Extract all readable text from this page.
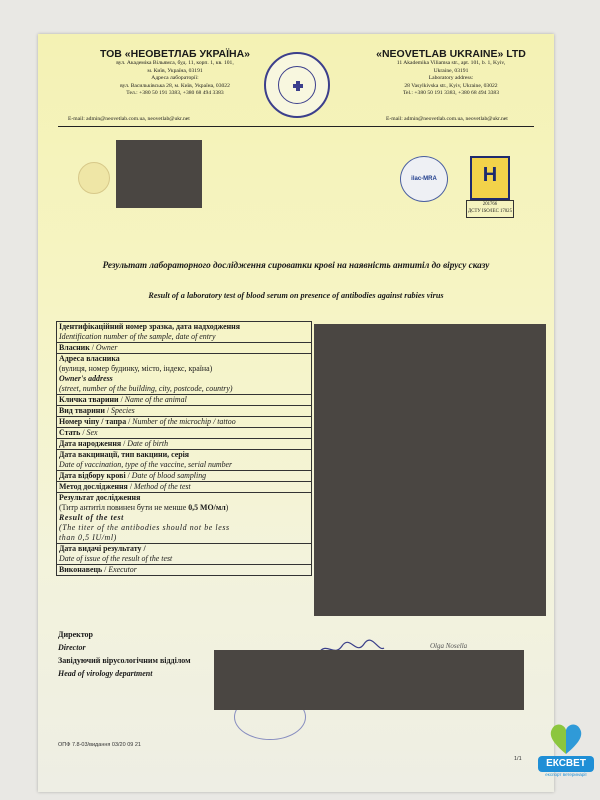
ТОВ «НЕОВЕТЛАБ УКРАЇНА»
вул. Академіка Вільямса, буд. 11, корп. 1, кв. 101,
м. Київ, Україна, 03191
Адреса лабораторії:
вул. Васильківська 28, м. Київ, Україна, 03022
Тел.: +380 50 191 3383, +380 68 494 3383
E-mail: admin@neovetlab.com.ua, neovetlab@ukr.net
«NEOVETLAB UKRAINE» LTD
11 Akademika Viliamsa str., apt. 101, b. 1, Kyiv,
Ukraine, 03191
Laboratory address:
28 Vasylkivska str., Kyiv, Ukraine, 03022
Tel.: +380 50 191 3383, +380 68 494 3383
E-mail: admin@neovetlab.com.ua, neovetlab@ukr.net
ilac-MRA	H
201766
ДСТУ ISO/IEC 17025
Результат лабораторного дослідження сироватки крові на наявність антитіл до вірусу сказу
Result of a laboratory test of blood serum on presence of antibodies against rabies virus
Ідентифікаційний номер зразка, дата надходження
Identification number of the sample, date of entry

Власник / Owner

Адреса власника
(вулиця, номер будинку, місто, індекс, країна)
Owner's address
(street, number of the building, city, postcode, country)

Кличка тварини / Name of the animal
Вид тварини / Species
Номер чіпу / тапра / Number of the microchip / tattoo
Стать / Sex
Дата народження / Date of birth

Дата вакцинації, тип вакцини, серія
Date of vaccination, type of the vaccine, serial number

Дата відбору крові / Date of blood sampling
Метод дослідження / Method of the test

Результат дослідження
(Титр антитіл повинен бути не менше 0,5 МО/мл)
Result of the test
(The titer of the antibodies should not be less
than 0,5 IU/ml)

Дата видачі результату /
Date of issue of the result of the test

Виконавець / Executor
Директор
Director
Завідуючий вірусологічним відділом
Head of virology department
Olga Nosella
ОПФ 7.8-03/видання 03/20 09 21
1/1	ЕКСВЕТ
експорт ветеринарії
